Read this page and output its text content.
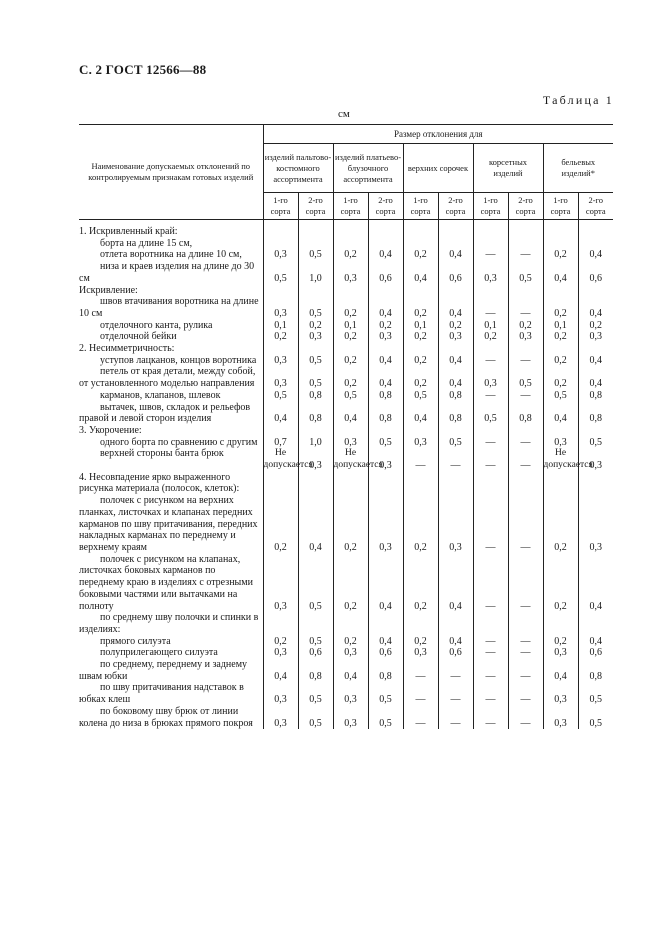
С. 2 ГОСТ 12566—88
Таблица 1
см
Наименование допускаемых отклонений по контролируемым признакам готовых изделий	Размер отклонения для									
	изделий пальтово-костюмного ассортимента		изделий платьево-блузочного ассортимента		верхних сорочек		корсетных изделий		бельевых изделий*	
	1-го сорта	2-го сорта	1-го сорта	2-го сорта	1-го сорта	2-го сорта	1-го сорта	2-го сорта	1-го сорта	2-го сорта

1. Искривленный край:										
борта на длине 15 см,										
отлета воротника на длине 10 см,	0,3	0,5	0,2	0,4	0,2	0,4	—	—	0,2	0,4
низа и краев изделия на длине до 30 см	0,5	1,0	0,3	0,6	0,4	0,6	0,3	0,5	0,4	0,6
Искривление:										
швов втачивания воротника на длине 10 см	0,3	0,5	0,2	0,4	0,2	0,4	—	—	0,2	0,4
отделочного канта, рулика	0,1	0,2	0,1	0,2	0,1	0,2	0,1	0,2	0,1	0,2
отделочной бейки	0,2	0,3	0,2	0,3	0,2	0,3	0,2	0,3	0,2	0,3
2. Несимметричность:										
уступов лацканов, концов воротника	0,3	0,5	0,2	0,4	0,2	0,4	—	—	0,2	0,4
петель от края детали, между собой, от установленного моделью направления	0,3	0,5	0,2	0,4	0,2	0,4	0,3	0,5	0,2	0,4
карманов, клапанов, шлевок	0,5	0,8	0,5	0,8	0,5	0,8	—	—	0,5	0,8
вытачек, швов, складок и рельефов правой и левой сторон изделия	0,4	0,8	0,4	0,8	0,4	0,8	0,5	0,8	0,4	0,8
3. Укорочение:										
одного борта по сравнению с другим	0,7	1,0	0,3	0,5	0,3	0,5	—	—	0,3	0,5
верхней стороны банта брюк	Не допускается	0,3	Не допускается	0,3	—	—	—	—	Не допускается	0,3
4. Несовпадение ярко выраженного рисунка материала (полосок, клеток):										
полочек с рисунком на верхних планках, листочках и клапанах передних карманов по шву притачивания, передних накладных карманах по переднему и верхнему краям	0,2	0,4	0,2	0,3	0,2	0,3	—	—	0,2	0,3
полочек с рисунком на клапанах, листочках боковых карманов по переднему краю в изделиях с отрезными боковыми частями или вытачками на полноту	0,3	0,5	0,2	0,4	0,2	0,4	—	—	0,2	0,4
по среднему шву полочки и спинки в изделиях:										
прямого силуэта	0,2	0,5	0,2	0,4	0,2	0,4	—	—	0,2	0,4
полуприлегающего силуэта	0,3	0,6	0,3	0,6	0,3	0,6	—	—	0,3	0,6
по среднему, переднему и заднему швам юбки	0,4	0,8	0,4	0,8	—	—	—	—	0,4	0,8
по шву притачивания надставок в юбках клеш	0,3	0,5	0,3	0,5	—	—	—	—	0,3	0,5
по боковому шву брюк от линии колена до низа в брюках прямого покроя	0,3	0,5	0,3	0,5	—	—	—	—	0,3	0,5
